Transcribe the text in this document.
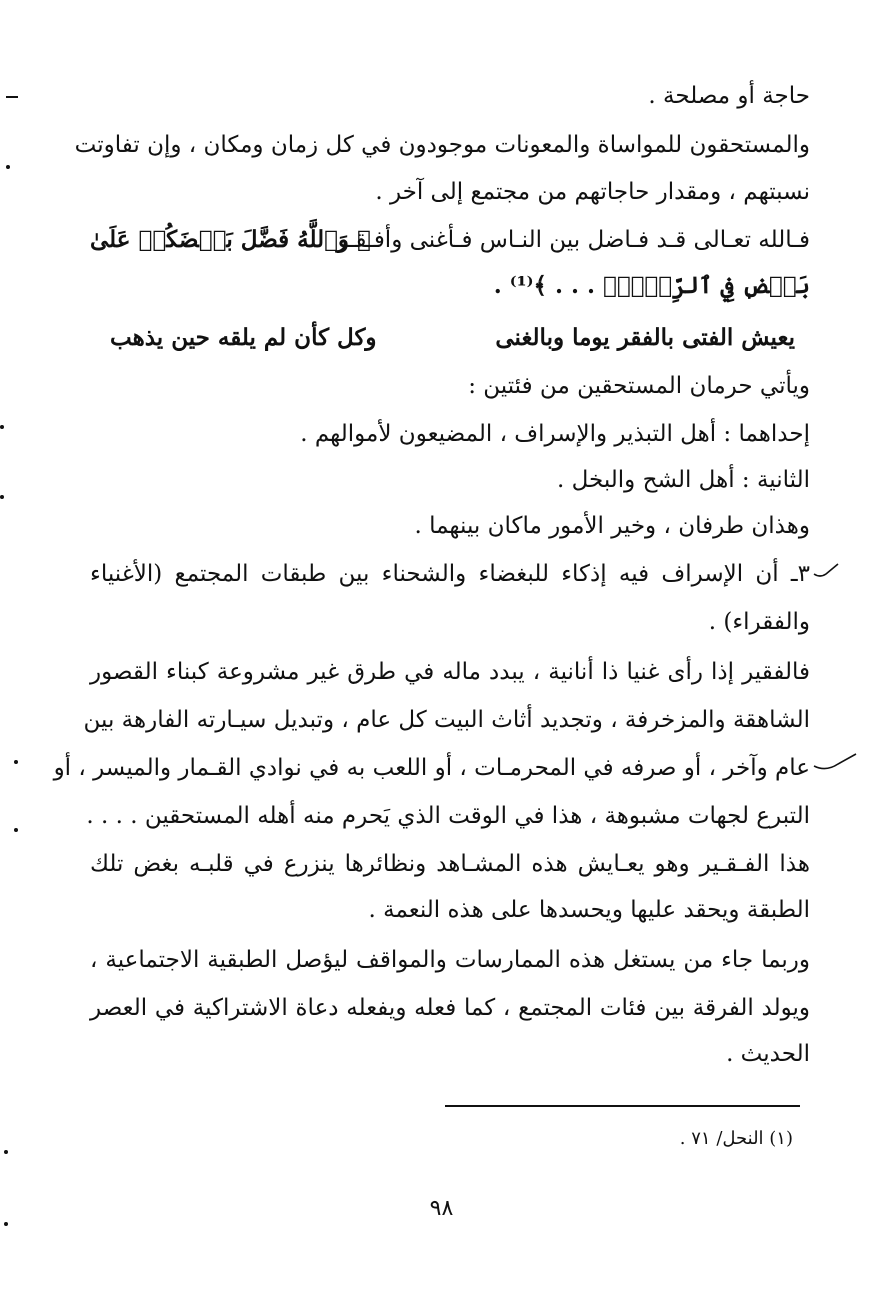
حاجة أو مصلحة .
والمستحقون للمواساة والمعونات موجودون في كل زمان ومكان ، وإن تفاوتت
نسبتهم ، ومقدار حاجاتهم من مجتمع إلى آخر .
فـالله تعـالى قـد فـاضل بين النـاس فـأغنى وأفـقـر
﴿ وَٱللَّهُ فَضَّلَ بَعۡضَكُمۡ عَلَىٰ
بَعۡضٖ فِي ٱلرِّزۡقِۚ . . . ﴾⁽¹⁾ .
يعيش الفتى بالفقر يوما وبالغنى
وكل كأن لم يلقه حين يذهب
ويأتي حرمان المستحقين من فئتين :
إحداهما : أهل التبذير والإسراف ، المضيعون لأموالهم .
الثانية : أهل الشح والبخل .
وهذان طرفان ، وخير الأمور ماكان بينهما .
٣ـ أن الإسراف فيه إذكاء للبغضاء والشحناء بين طبقات المجتمع (الأغنياء
والفقراء) .
فالفقير إذا رأى غنيا ذا أنانية ، يبدد ماله في طرق غير مشروعة كبناء القصور
الشاهقة والمزخرفة ، وتجديد أثاث البيت كل عام ، وتبديل سيـارته الفارهة بين
عام وآخر ، أو صرفه في المحرمـات ، أو اللعب به في نوادي القـمار والميسر ، أو
التبرع لجهات مشبوهة ، هذا في الوقت الذي يَحرم منه أهله المستحقين . . . .
هذا الفـقـير وهو يعـايش هذه المشـاهد ونظائرها ينزرع في قلبـه بغض تلك
الطبقة ويحقد عليها ويحسدها على هذه النعمة .
وربما جاء من يستغل هذه الممارسات والمواقف ليؤصل الطبقية الاجتماعية ،
ويولد الفرقة بين فئات المجتمع ، كما فعله ويفعله دعاة الاشتراكية في العصر
الحديث .
(١) النحل/ ٧١ .
٩٨
